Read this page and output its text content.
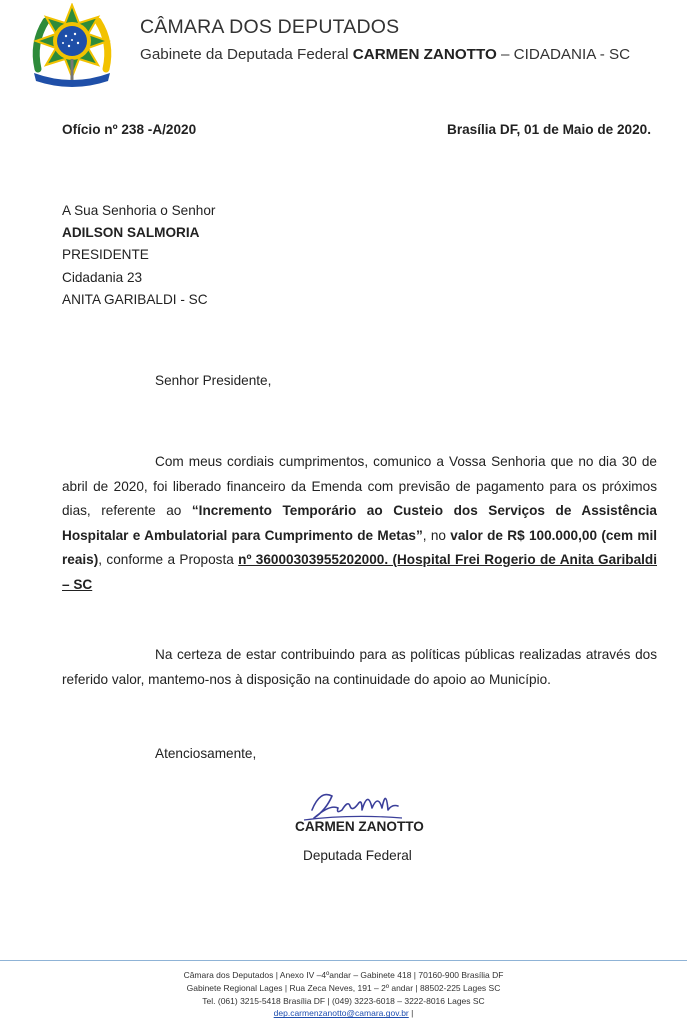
CÂMARA DOS DEPUTADOS
Gabinete da Deputada Federal CARMEN ZANOTTO – CIDADANIA - SC
Ofício nº 238 -A/2020	Brasília DF, 01 de Maio de 2020.
A Sua Senhoria o Senhor
ADILSON SALMORIA
PRESIDENTE
Cidadania 23
ANITA GARIBALDI - SC
Senhor Presidente,
Com meus cordiais cumprimentos, comunico a Vossa Senhoria que no dia 30 de abril de 2020, foi liberado financeiro da Emenda com previsão de pagamento para os próximos dias, referente ao “Incremento Temporário ao Custeio dos Serviços de Assistência Hospitalar e Ambulatorial para Cumprimento de Metas”, no valor de R$ 100.000,00 (cem mil reais), conforme a Proposta nº 36000303955202000. (Hospital Frei Rogerio de Anita Garibaldi – SC
Na certeza de estar contribuindo para as políticas públicas realizadas através dos referido valor, mantemo-nos à disposição na continuidade do apoio ao Município.
Atenciosamente,
CARMEN ZANOTTO
Deputada Federal
Câmara dos Deputados | Anexo IV –4ºandar – Gabinete 418 | 70160-900 Brasília DF
Gabinete Regional Lages | Rua Zeca Neves, 191 – 2º andar | 88502-225 Lages SC
Tel. (061) 3215-5418 Brasília DF | (049) 3223-6018 – 3222-8016 Lages SC
dep.carmenzanotto@camara.gov.br |
